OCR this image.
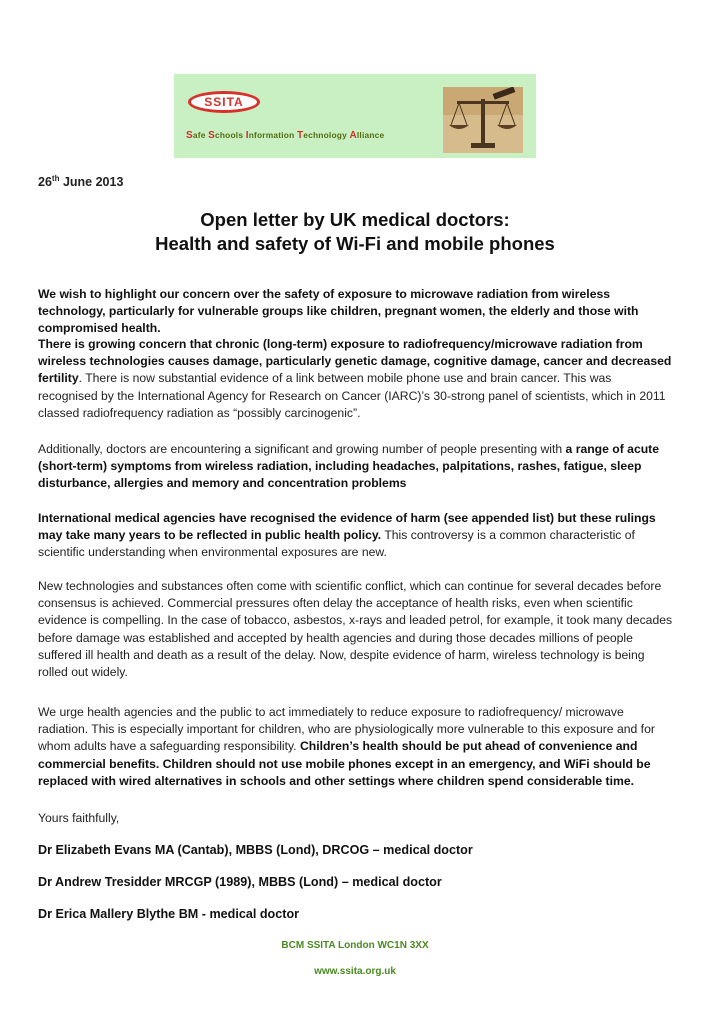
SSITA
Safe Schools Information Technology Alliance
26th June 2013
Open letter by UK medical doctors:
Health and safety of Wi-Fi and mobile phones

We wish to highlight our concern over the safety of exposure to microwave radiation from wireless technology, particularly for vulnerable groups like children, pregnant women, the elderly and those with compromised health.

There is growing concern that chronic (long-term) exposure to radiofrequency/microwave radiation from wireless technologies causes damage, particularly genetic damage, cognitive damage, cancer and decreased fertility. There is now substantial evidence of a link between mobile phone use and brain cancer. This was recognised by the International Agency for Research on Cancer (IARC)’s 30-strong panel of scientists, which in 2011 classed radiofrequency radiation as “possibly carcinogenic”.

Additionally, doctors are encountering a significant and growing number of people presenting with a range of acute (short-term) symptoms from wireless radiation, including headaches, palpitations, rashes, fatigue, sleep disturbance, allergies and memory and concentration problems

International medical agencies have recognised the evidence of harm (see appended list) but these rulings may take many years to be reflected in public health policy. This controversy is a common characteristic of scientific understanding when environmental exposures are new.

New technologies and substances often come with scientific conflict, which can continue for several decades before consensus is achieved. Commercial pressures often delay the acceptance of health risks, even when scientific evidence is compelling. In the case of tobacco, asbestos, x-rays and leaded petrol, for example, it took many decades before damage was established and accepted by health agencies and during those decades millions of people suffered ill health and death as a result of the delay. Now, despite evidence of harm, wireless technology is being rolled out widely.

We urge health agencies and the public to act immediately to reduce exposure to radiofrequency/ microwave radiation. This is especially important for children, who are physiologically more vulnerable to this exposure and for whom adults have a safeguarding responsibility. Children’s health should be put ahead of convenience and commercial benefits. Children should not use mobile phones except in an emergency, and WiFi should be replaced with wired alternatives in schools and other settings where children spend considerable time.

Yours faithfully,
Dr Elizabeth Evans MA (Cantab), MBBS (Lond), DRCOG – medical doctor
Dr Andrew Tresidder MRCGP (1989), MBBS (Lond) – medical doctor
Dr Erica Mallery Blythe BM - medical doctor
BCM SSITA London WC1N 3XX
www.ssita.org.uk
